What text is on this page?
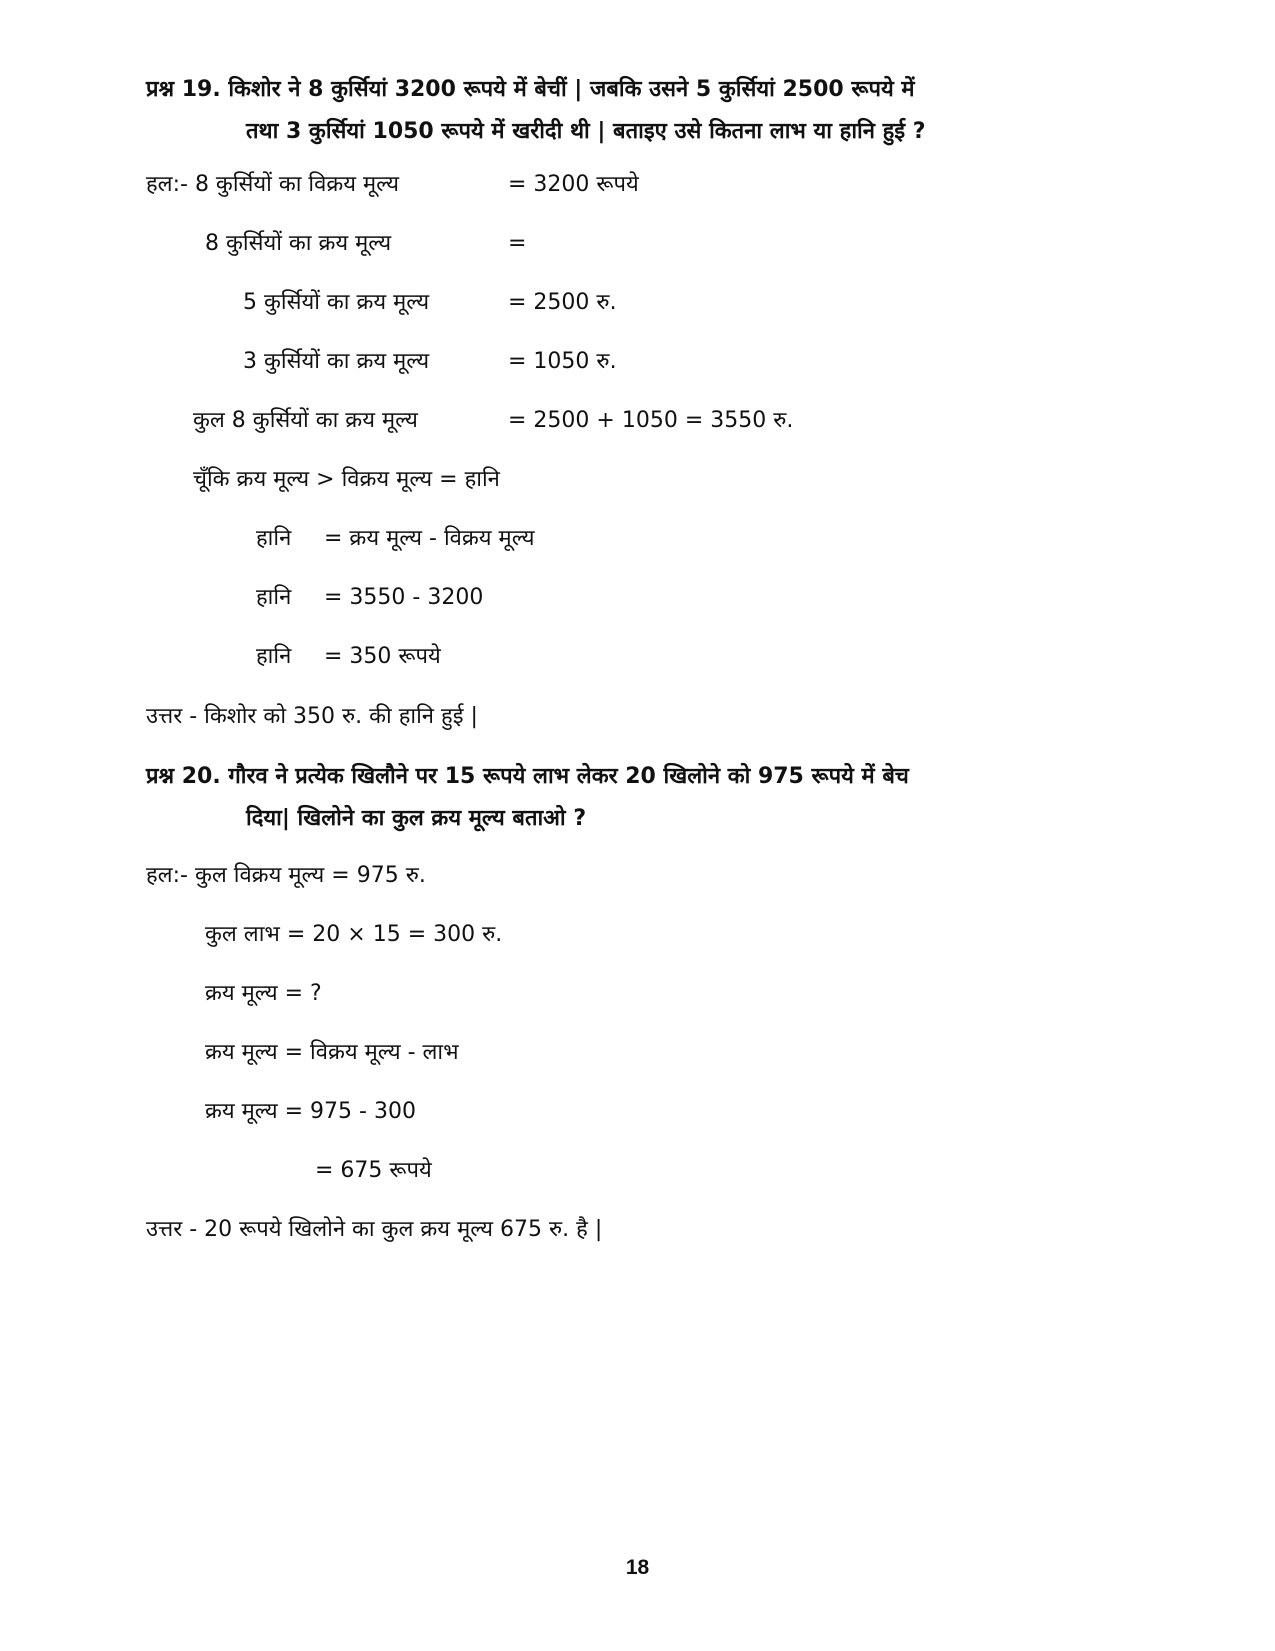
प्रश्न 19. किशोर ने 8 कुर्सियां 3200 रूपये में बेचीं | जबकि उसने 5 कुर्सियां 2500 रूपये में
तथा 3 कुर्सियां 1050 रूपये में खरीदी थी | बताइए उसे कितना लाभ या हानि हुई ?
हल:- 8 कुर्सियों का विक्रय मूल्य	= 3200 रूपये
8 कुर्सियों का क्रय मूल्य	=
5 कुर्सियों का क्रय मूल्य	= 2500 रु.
3 कुर्सियों का क्रय मूल्य	= 1050 रु.
कुल 8 कुर्सियों का क्रय मूल्य	= 2500 + 1050 = 3550 रु.
चूँकि क्रय मूल्य > विक्रय मूल्य = हानि
हानि = क्रय मूल्य - विक्रय मूल्य
हानि = 3550 - 3200
हानि = 350 रूपये
उत्तर - किशोर को 350 रु. की हानि हुई |
प्रश्न 20. गौरव ने प्रत्येक खिलौने पर 15 रूपये लाभ लेकर 20 खिलोने को 975 रूपये में बेच
दिया| खिलोने का कुल क्रय मूल्य बताओ ?
हल:- कुल विक्रय मूल्य = 975 रु.
कुल लाभ = 20 × 15 = 300 रु.
क्रय मूल्य = ?
क्रय मूल्य = विक्रय मूल्य - लाभ
क्रय मूल्य = 975 - 300
= 675 रूपये
उत्तर - 20 रूपये खिलोने का कुल क्रय मूल्य 675 रु. है |
18
